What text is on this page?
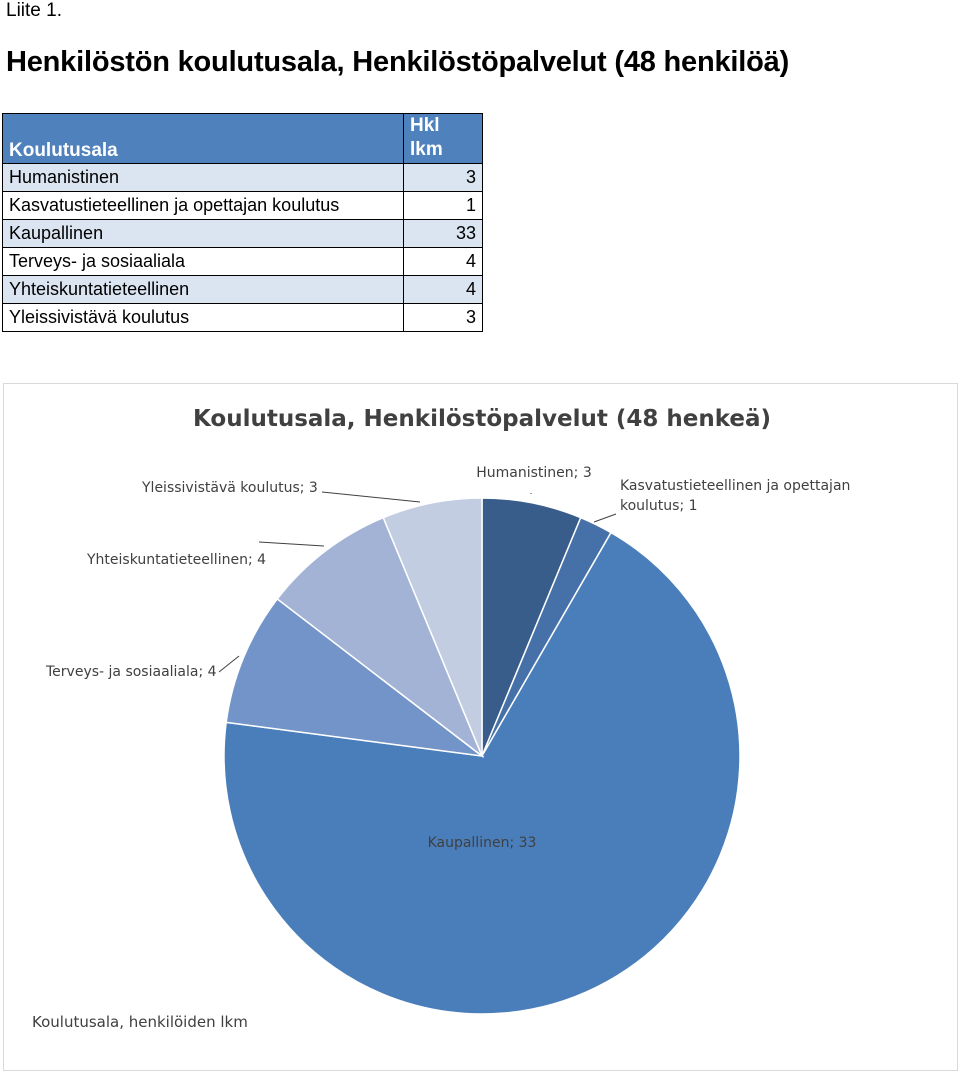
Liite 1.
Henkilöstön koulutusala, Henkilöstöpalvelut (48 henkilöä)
Koulutusala	Hkl lkm
Humanistinen	3
Kasvatustieteellinen ja opettajan koulutus	1
Kaupallinen	33
Terveys- ja sosiaaliala	4
Yhteiskuntatieteellinen	4
Yleissivistävä koulutus	3
Koulutusala, Henkilöstöpalvelut (48 henkeä)
Humanistinen; 3
Kasvatustieteellinen ja opettajan koulutus; 1
Kaupallinen; 33
Terveys- ja sosiaaliala; 4
Yhteiskuntatieteellinen; 4
Yleissivistävä koulutus; 3
Koulutusala, henkilöiden lkm
